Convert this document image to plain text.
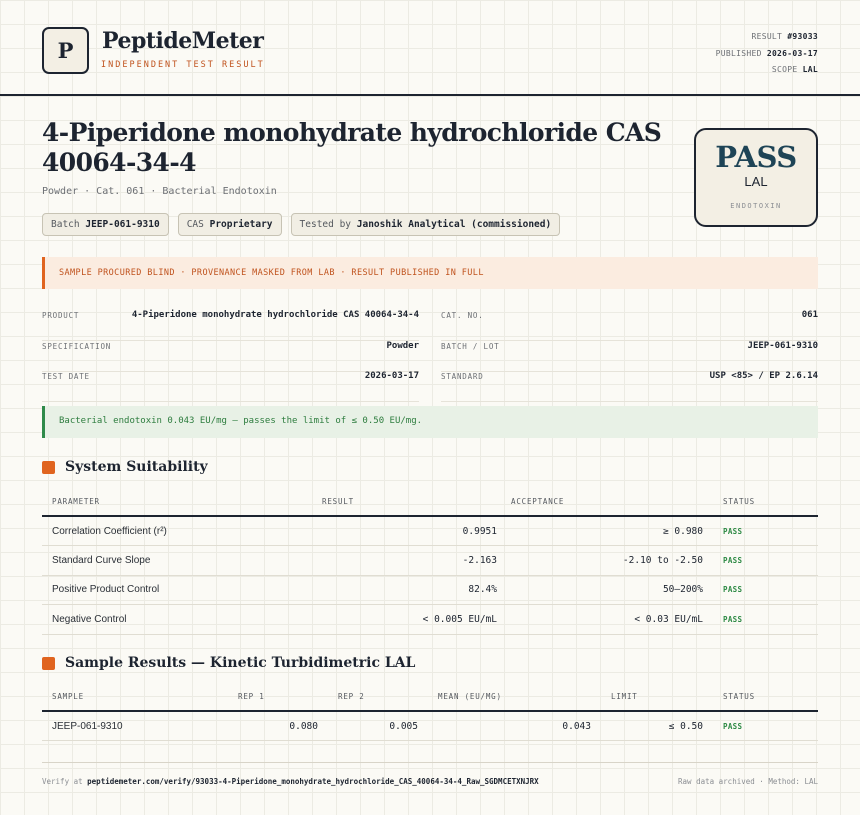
P	PeptideMeter
INDEPENDENT TEST RESULT
RESULT #93033
PUBLISHED 2026-03-17
SCOPE LAL
4-Piperidone monohydrate hydrochloride CAS 40064-34-4
Powder · Cat. 061 · Bacterial Endotoxin
Batch JEEP-061-9310	CAS Proprietary	Tested by Janoshik Analytical (commissioned)
PASS
LAL
ENDOTOXIN
SAMPLE PROCURED BLIND · PROVENANCE MASKED FROM LAB · RESULT PUBLISHED IN FULL
PRODUCT	4-Piperidone monohydrate hydrochloride CAS 40064-34-4
SPECIFICATION	Powder
TEST DATE	2026-03-17
CAT. NO.	061
BATCH / LOT	JEEP-061-9310
STANDARD	USP <85> / EP 2.6.14
Bacterial endotoxin 0.043 EU/mg — passes the limit of ≤ 0.50 EU/mg.
System Suitability
PARAMETER	RESULT	ACCEPTANCE	STATUS
Correlation Coefficient (r²)	0.9951	≥ 0.980	PASS
Standard Curve Slope	-2.163	-2.10 to -2.50	PASS
Positive Product Control	82.4%	50–200%	PASS
Negative Control	< 0.005 EU/mL	< 0.03 EU/mL	PASS
Sample Results — Kinetic Turbidimetric LAL
SAMPLE	REP 1	REP 2	MEAN (EU/MG)	LIMIT	STATUS
JEEP-061-9310	0.080	0.005	0.043	≤ 0.50	PASS
Verify at peptidemeter.com/verify/93033-4-Piperidone_monohydrate_hydrochloride_CAS_40064-34-4_Raw_SGDMCETXNJRX	Raw data archived · Method: LAL
